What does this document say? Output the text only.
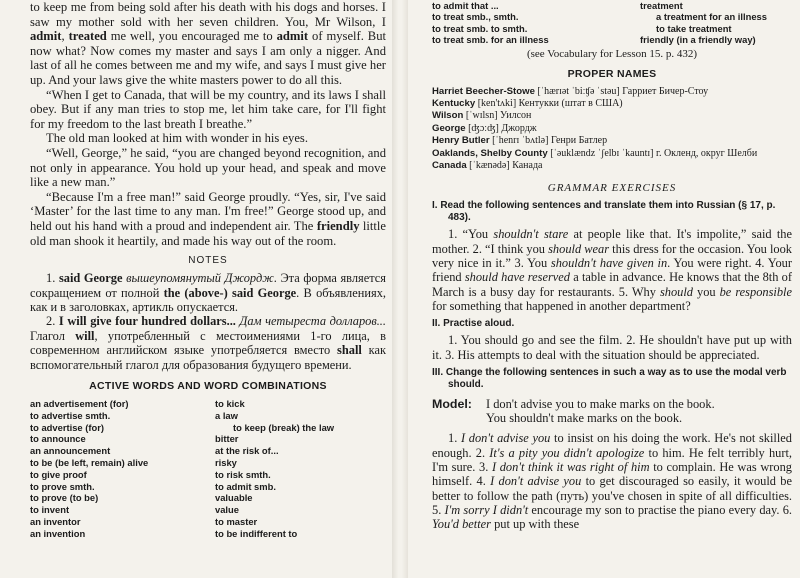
to keep me from being sold after his death with his dogs and horses. I saw my mother sold with her seven children. You, Mr Wilson, I admit, treated me well, you encouraged me to admit of myself. But now what? Now comes my master and says I am only a nigger. And last of all he comes between me and my wife, and says I must give her up. And your laws give the white masters power to do all this.

“When I get to Canada, that will be my country, and its laws I shall obey. But if any man tries to stop me, let him take care, for I'll fight for my freedom to the last breath I breathe.”

The old man looked at him with wonder in his eyes.

“Well, George,” he said, “you are changed beyond recognition, and not only in appearance. You hold up your head, and speak and move like a new man.”

“Because I'm a free man!” said George proudly. “Yes, sir, I've said ‘Master’ for the last time to any man. I'm free!” George stood up, and held out his hand with a proud and independent air. The friendly little old man shook it heartily, and made his way out of the room.

NOTES

1. said George вышеупомянутый Джордж. Эта форма является сокращением от полной the (above-) said George. В объявлениях, как и в заголовках, артикль опускается.

2. I will give four hundred dollars... Дам четыреста долларов... Глагол will, употребленный с местоимениями 1-го лица, в современном английском языке употребляется вместо shall как вспомогательный глагол для образования будущего времени.

ACTIVE WORDS AND WORD COMBINATIONS
an advertisement (for)
to advertise smth.
to advertise (for)
to announce
an announcement
to be (be left, remain) alive
to give proof
to prove smth.
to prove (to be)
to invent
an inventor
an invention
to kick
a law
to keep (break) the law
bitter
at the risk of...
risky
to risk smth.
to admit smb.
valuable
value
to master
to be indifferent to
to admit that ...
to treat smb., smth.
to treat smb. to smth.
to treat smb. for an illness
treatment
a treatment for an illness
to take treatment
friendly (in a friendly way)
(see Vocabulary for Lesson 15. p. 432)
PROPER NAMES
Harriet Beecher-Stowe [ˈhærɪət ˈbiːʧə ˈstəu] Гарриет Бичер-Стоу
Kentucky [ken'tʌki] Кентукки (штат в США)
Wilson [ˈwɪlsn] Уилсон
George [ʤɔːʤ] Джордж
Henry Butler [ˈhenrɪ ˈbʌtlə] Генри Батлер
Oaklands, Shelby County [ˈəuklændz ˈʃelbɪ ˈkauntɪ] г. Окленд, округ Шелби
Canada [ˈkænədə] Канада
GRAMMAR EXERCISES
I. Read the following sentences and translate them into Russian (§ 17, p. 483).

1. “You shouldn't stare at people like that. It's impolite,” said the mother. 2. “I think you should wear this dress for the occasion. You look very nice in it.” 3. You shouldn't have given in. You were right. 4. Your friend should have reserved a table in advance. He knows that the 8th of March is a busy day for restaurants. 5. Why should you be responsible for something that happened in another department?

II. Practise aloud.

1. You should go and see the film. 2. He shouldn't have put up with it. 3. His attempts to deal with the situation should be appreciated.

III. Change the following sentences in such a way as to use the modal verb should.
Model:	I don't advise you to make marks on the book.
You shouldn't make marks on the book.

1. I don't advise you to insist on his doing the work. He's not skilled enough. 2. It's a pity you didn't apologize to him. He felt terribly hurt, I'm sure. 3. I don't think it was right of him to complain. He was wrong himself. 4. I don't advise you to get discouraged so easily, it would be better to follow the path (путь) you've chosen in spite of all difficulties. 5. I'm sorry I didn't encourage my son to practise the piano every day. 6. You'd better put up with these
